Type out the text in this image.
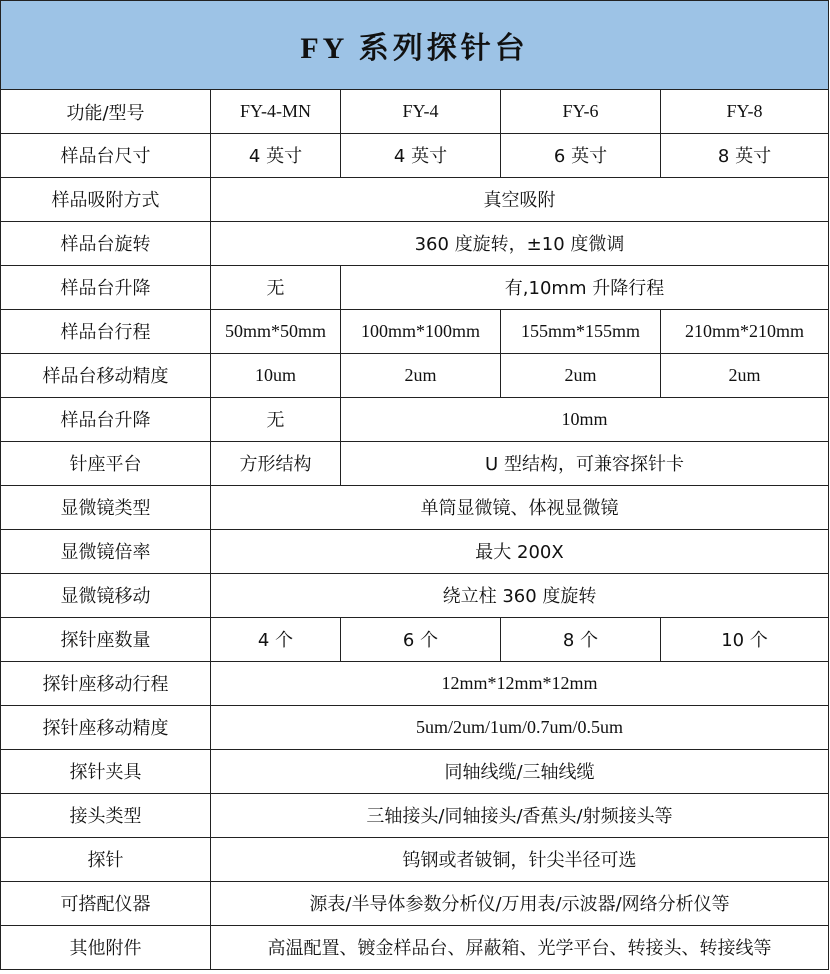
FY 系列探针台				
功能/型号	FY-4-MN	FY-4	FY-6	FY-8
样品台尺寸	4 英寸	4 英寸	6 英寸	8 英寸
样品吸附方式	真空吸附			
样品台旋转	360 度旋转，±10 度微调			
样品台升降	无	有,10mm 升降行程		
样品台行程	50mm*50mm	100mm*100mm	155mm*155mm	210mm*210mm
样品台移动精度	10um	2um	2um	2um
样品台升降	无	10mm		
针座平台	方形结构	U 型结构，可兼容探针卡		
显微镜类型	单筒显微镜、体视显微镜			
显微镜倍率	最大 200X			
显微镜移动	绕立柱 360 度旋转			
探针座数量	4 个	6 个	8 个	10 个
探针座移动行程	12mm*12mm*12mm			
探针座移动精度	5um/2um/1um/0.7um/0.5um			
探针夹具	同轴线缆/三轴线缆			
接头类型	三轴接头/同轴接头/香蕉头/射频接头等			
探针	钨钢或者铍铜，针尖半径可选			
可搭配仪器	源表/半导体参数分析仪/万用表/示波器/网络分析仪等			
其他附件	高温配置、镀金样品台、屏蔽箱、光学平台、转接头、转接线等			
